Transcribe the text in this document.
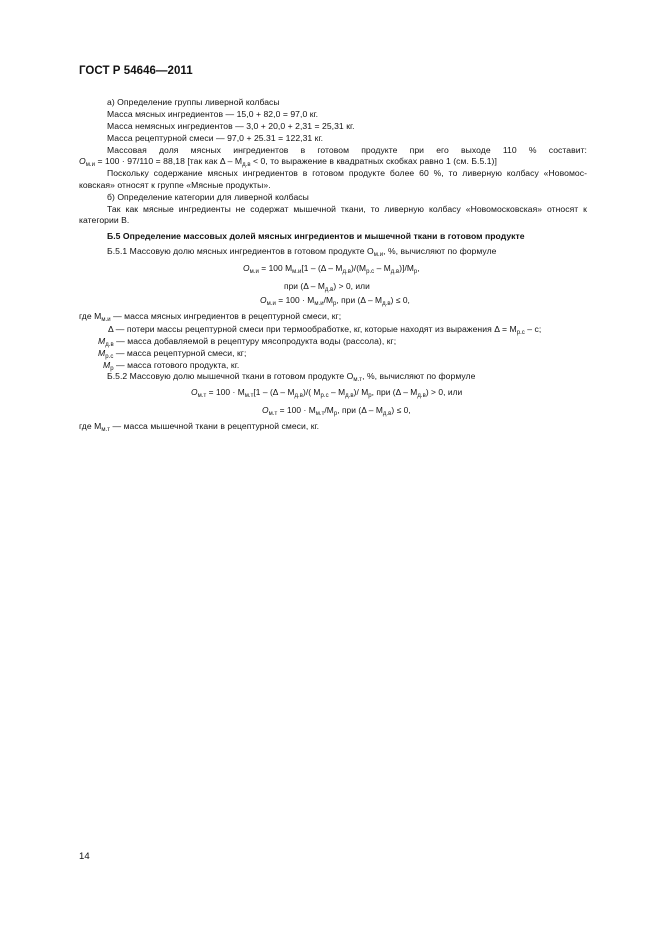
ГОСТ Р 54646—2011
а) Определение группы ливерной колбасы
Масса мясных ингредиентов — 15,0 + 82,0 = 97,0 кг.
Масса немясных ингредиентов — 3,0 + 20,0 + 2,31 = 25,31 кг.
Масса рецептурной смеси — 97,0 + 25.31 = 122,31 кг.
Массовая доля мясных ингредиентов в готовом продукте при его выходе 110 % составит:
$О_{м.и} = 100 \cdot 97/110 = 88,18$ [так как $\Delta - М_{д.в} < 0$, то выражение в квадратных скобках равно 1 (см. Б.5.1)]
Поскольку содержание мясных ингредиентов в готовом продукте более 60 %, то ливерную колбасу «Новомос-
ковская» относят к группе «Мясные продукты».
б) Определение категории для ливерной колбасы
Так как мясные ингредиенты не содержат мышечной ткани, то ливерную колбасу «Новомосковская» относят к
категории В.
Б.5 Определение массовых долей мясных ингредиентов и мышечной ткани в готовом продукте
Б.5.1 Массовую долю мясных ингредиентов в готовом продукте $О_{м.и}$, %, вычисляют по формуле
$О_{м.и} = 100$ $М_{м.и}[1 - (\Delta - М_{д.в})/(М_{р.с} - М_{д.в})]/М_р$,
при $(\Delta - М_{д.в}) > 0$, или
$О_{м.и} = 100 \cdot М_{м.и}/М_р$, при $(\Delta - М_{д.в}) \le 0$,
где $М_{м.и}$ — масса мясных ингредиентов в рецептурной смеси, кг;
Δ — потери массы рецептурной смеси при термообработке, кг, которые находят из выражения $\Delta = М_{р.с} - с$;
$М_{д.в}$ — масса добавляемой в рецептуру мясопродукта воды (рассола), кг;
$М_{р.с}$ — масса рецептурной смеси, кг;
$М_р$ — масса готового продукта, кг.
Б.5.2 Массовую долю мышечной ткани в готовом продукте $О_{м.т}$, %, вычисляют по формуле
$О_{м.т} = 100 \cdot М_{м.т}[1 - (\Delta - М_{д.в})/$( $М_{р.с} - М_{д.в})/$ $М_р$, при $(\Delta - М_{д.в}) > 0$, или
$О_{м.т} = 100 \cdot М_{м.т}/М_р$, при $(\Delta - М_{д.в}) \le 0$,
где $М_{м.т}$ — масса мышечной ткани в рецептурной смеси, кг.
14
